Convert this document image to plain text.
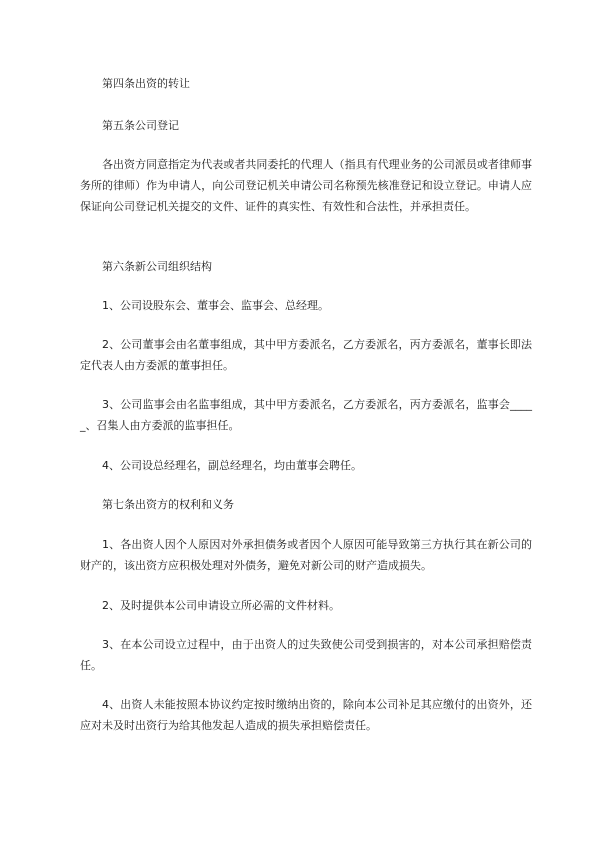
第四条出资的转让

第五条公司登记

各出资方同意指定为代表或者共同委托的代理人（指具有代理业务的公司派员或者律师事务所的律师）作为申请人，向公司登记机关申请公司名称预先核准登记和设立登记。申请人应保证向公司登记机关提交的文件、证件的真实性、有效性和合法性，并承担责任。

第六条新公司组织结构

1、公司设股东会、董事会、监事会、总经理。

2、公司董事会由名董事组成，其中甲方委派名，乙方委派名，丙方委派名，董事长即法定代表人由方委派的董事担任。

3、公司监事会由名监事组成，其中甲方委派名，乙方委派名，丙方委派名，监事会_____、召集人由方委派的监事担任。

4、公司设总经理名，副总经理名，均由董事会聘任。

第七条出资方的权利和义务

1、各出资人因个人原因对外承担债务或者因个人原因可能导致第三方执行其在新公司的财产的，该出资方应积极处理对外债务，避免对新公司的财产造成损失。

2、及时提供本公司申请设立所必需的文件材料。

3、在本公司设立过程中，由于出资人的过失致使公司受到损害的，对本公司承担赔偿责任。

4、出资人未能按照本协议约定按时缴纳出资的，除向本公司补足其应缴付的出资外，还应对未及时出资行为给其他发起人造成的损失承担赔偿责任。
